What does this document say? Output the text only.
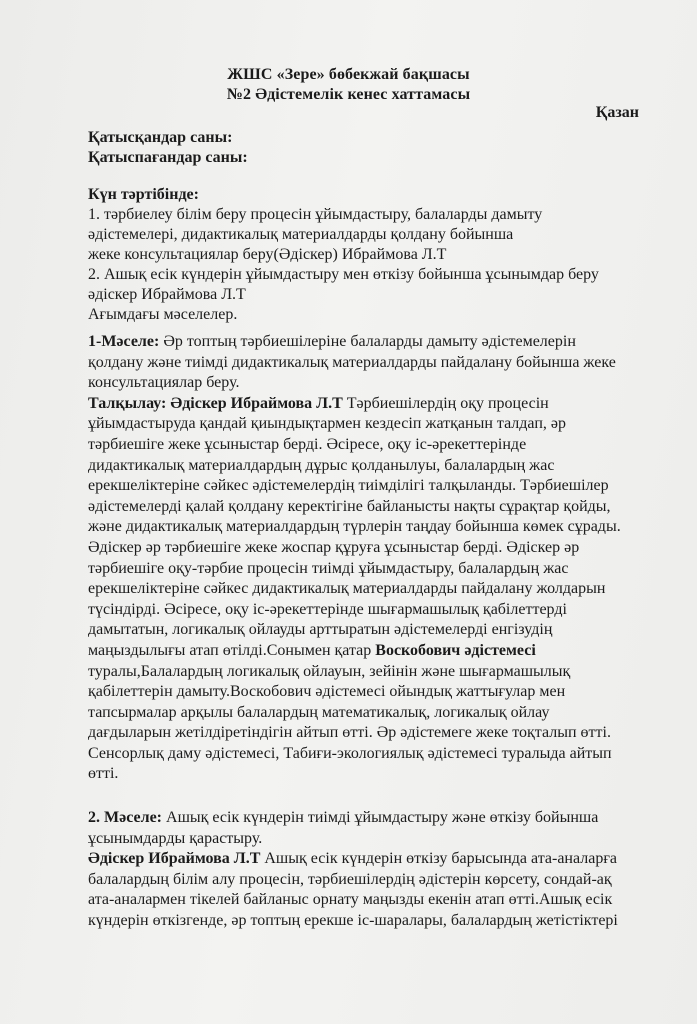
ЖШС «Зере» бөбекжай бақшасы
№2 Әдістемелік кенес хаттамасы
Қазан
Қатысқандар саны:
Қатыспағандар саны:
Күн тәртібінде:
1. тәрбиелеу білім беру процесін ұйымдастыру, балаларды дамыту
әдістемелері, дидактикалық материалдарды қолдану бойынша
жеке консультациялар беру(Әдіскер) Ибраймова Л.Т
2. Ашық есік күндерін ұйымдастыру мен өткізу бойынша ұсынымдар беру
әдіскер Ибраймова Л.Т
Ағымдағы мәселелер.
1-Мәселе: Әр топтың тәрбиешілеріне балаларды дамыту әдістемелерін
қолдану және тиімді дидактикалық материалдарды пайдалану бойынша жеке
консультациялар беру.
Талқылау: Әдіскер Ибраймова Л.Т Тәрбиешілердің оқу процесін
ұйымдастыруда қандай қиындықтармен кездесіп жатқанын талдап, әр
тәрбиешіге жеке ұсыныстар берді. Әсіресе, оқу іс-әрекеттерінде
дидактикалық материалдардың дұрыс қолданылуы, балалардың жас
ерекшеліктеріне сәйкес әдістемелердің тиімділігі талқыланды. Тәрбиешілер
әдістемелерді қалай қолдану керектігіне байланысты нақты сұрақтар қойды,
және дидактикалық материалдардың түрлерін таңдау бойынша көмек сұрады.
Әдіскер әр тәрбиешіге жеке жоспар құруға ұсыныстар берді. Әдіскер әр
тәрбиешіге оқу-тәрбие процесін тиімді ұйымдастыру, балалардың жас
ерекшеліктеріне сәйкес дидактикалық материалдарды пайдалану жолдарын
түсіндірді. Әсіресе, оқу іс-әрекеттерінде шығармашылық қабілеттерді
дамытатын, логикалық ойлауды арттыратын әдістемелерді енгізудің
маңыздылығы атап өтілді.Сонымен қатар Воскобович әдістемесі
туралы,Балалардың логикалық ойлауын, зейінін және шығармашылық
қабілеттерін дамыту.Воскобович әдістемесі ойындық жаттығулар мен
тапсырмалар арқылы балалардың математикалық, логикалық ойлау
дағдыларын жетілдіретіндігін айтып өтті. Әр әдістемеге жеке тоқталып өтті.
Сенсорлық даму әдістемесі, Табиғи-экологиялық әдістемесі туралыда айтып
өтті.
2. Мәселе: Ашық есік күндерін тиімді ұйымдастыру және өткізу бойынша
ұсынымдарды қарастыру.
Әдіскер Ибраймова Л.Т Ашық есік күндерін өткізу барысында ата-аналарға
балалардың білім алу процесін, тәрбиешілердің әдістерін көрсету, сондай-ақ
ата-аналармен тікелей байланыс орнату маңызды екенін атап өтті.Ашық есік
күндерін өткізгенде, әр топтың ерекше іс-шаралары, балалардың жетістіктері
